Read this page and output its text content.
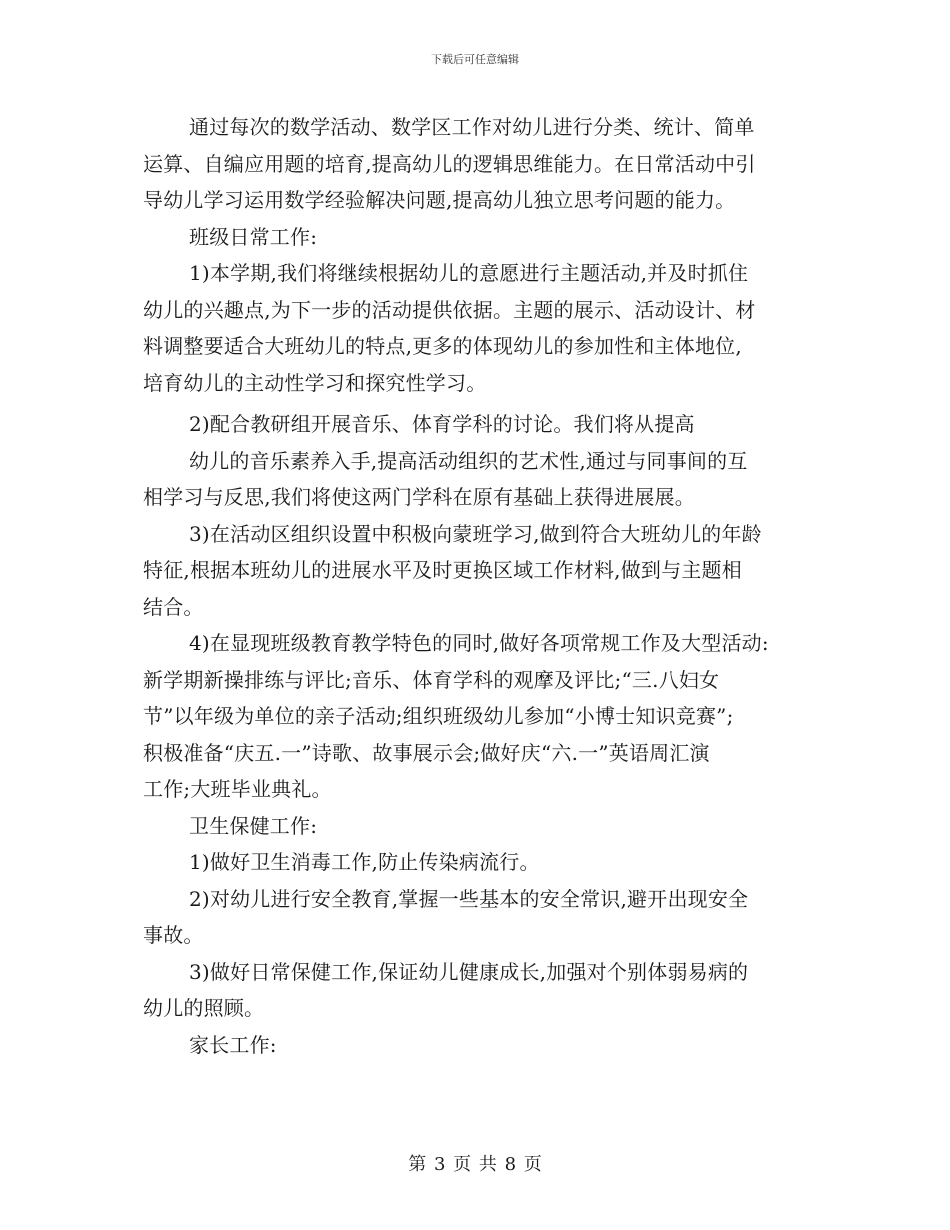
下载后可任意编辑
通过每次的数学活动、数学区工作对幼儿进行分类、统计、简单
运算、自编应用题的培育,提高幼儿的逻辑思维能力。在日常活动中引
导幼儿学习运用数学经验解决问题,提高幼儿独立思考问题的能力。
班级日常工作:
1)本学期,我们将继续根据幼儿的意愿进行主题活动,并及时抓住
幼儿的兴趣点,为下一步的活动提供依据。主题的展示、活动设计、材
料调整要适合大班幼儿的特点,更多的体现幼儿的参加性和主体地位,
培育幼儿的主动性学习和探究性学习。
2)配合教研组开展音乐、体育学科的讨论。我们将从提高
幼儿的音乐素养入手,提高活动组织的艺术性,通过与同事间的互
相学习与反思,我们将使这两门学科在原有基础上获得进展展。
3)在活动区组织设置中积极向蒙班学习,做到符合大班幼儿的年龄
特征,根据本班幼儿的进展水平及时更换区域工作材料,做到与主题相
结合。
4)在显现班级教育教学特色的同时,做好各项常规工作及大型活动:
新学期新操排练与评比;音乐、体育学科的观摩及评比;“三.八妇女
节”以年级为单位的亲子活动;组织班级幼儿参加“小博士知识竞赛”;
积极准备“庆五.一”诗歌、故事展示会;做好庆“六.一”英语周汇演
工作;大班毕业典礼。
卫生保健工作:
1)做好卫生消毒工作,防止传染病流行。
2)对幼儿进行安全教育,掌握一些基本的安全常识,避开出现安全
事故。
3)做好日常保健工作,保证幼儿健康成长,加强对个别体弱易病的
幼儿的照顾。
家长工作:
第 3 页 共 8 页
